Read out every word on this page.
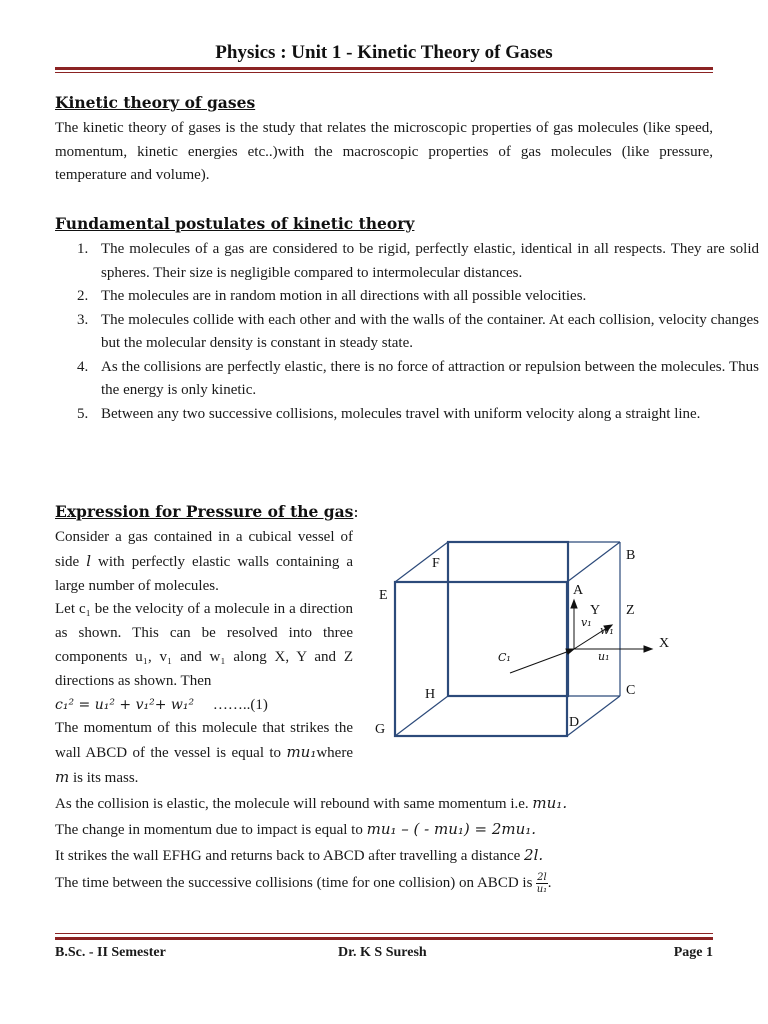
Physics : Unit 1 - Kinetic Theory of Gases
Kinetic theory of gases

The kinetic theory of gases is the study that relates the microscopic properties of gas molecules (like speed, momentum, kinetic energies etc..)with the macroscopic properties of gas molecules (like pressure, temperature and volume).

Fundamental postulates of kinetic theory
1. The molecules of a gas are considered to be rigid, perfectly elastic, identical in all respects. They are solid spheres. Their size is negligible compared to intermolecular distances.
2. The molecules are in random motion in all directions with all possible velocities.
3. The molecules collide with each other and with the walls of the container. At each collision, velocity changes but the molecular density is constant in steady state.
4. As the collisions are perfectly elastic, there is no force of attraction or repulsion between the molecules. Thus the energy is only kinetic.
5. Between any two successive collisions, molecules travel with uniform velocity along a straight line.
Expression for Pressure of the gas:
Consider a gas contained in a cubical vessel of side l with perfectly elastic walls containing a large number of molecules.
Let c₁ be the velocity of a molecule in a direction as shown. This can be resolved into three components u₁, v₁ and w₁ along X, Y and Z directions as shown. Then
c₁² = u₁² + v₁²+ w₁² ……..(1)
The momentum of this molecule that strikes the wall ABCD of the vessel is equal to mu₁where m is its mass.
F
B
A
E
Y Z
X
C₁
v₁
w₁
u₁
C
H
D
G
As the collision is elastic, the molecule will rebound with same momentum i.e. mu₁.
The change in momentum due to impact is equal to mu₁ – ( - mu₁) = 2mu₁.
It strikes the wall EFHG and returns back to ABCD after travelling a distance 2l.
The time between the successive collisions (time for one collision) on ABCD is $\frac{2l}{\text{u₁}}$ .
B.Sc. - II Semester	Dr. K S Suresh	Page 1
